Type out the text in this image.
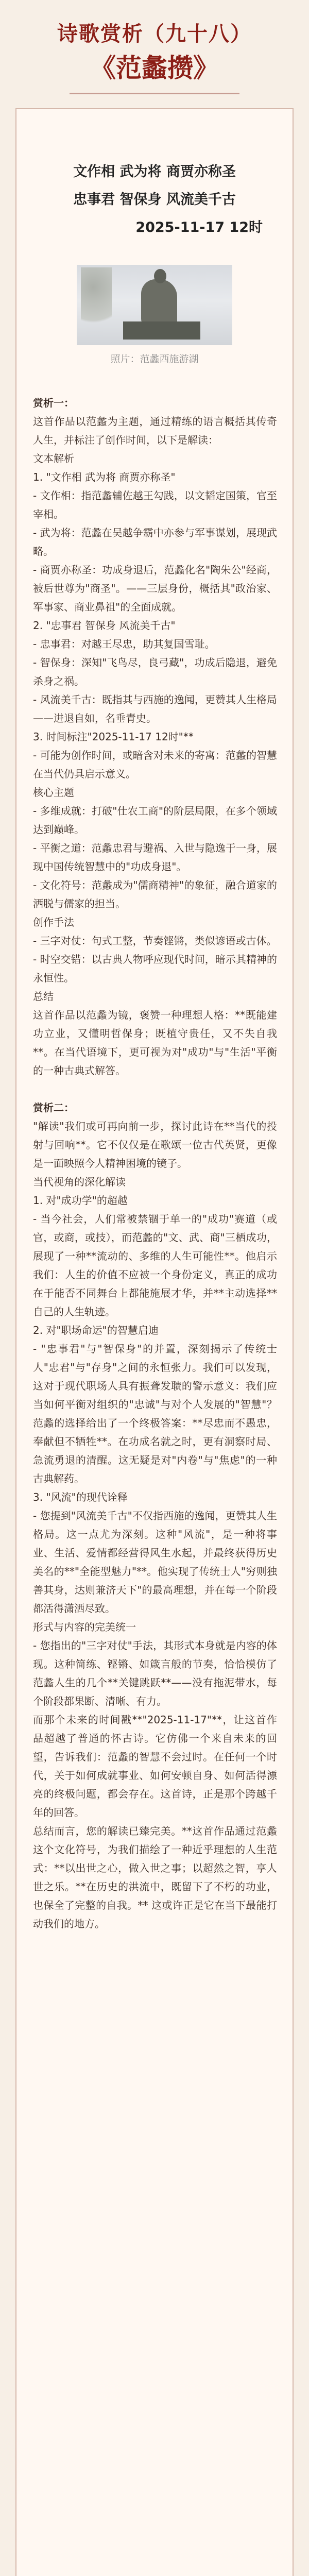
诗歌赏析（九十八）
《范蠡攒》
文作相 武为将 商贾亦称圣
忠事君 智保身 风流美千古
2025-11-17 12时
照片：范蠡西施游湖

赏析一：

这首作品以范蠡为主题，通过精练的语言概括其传奇人生，并标注了创作时间，以下是解读：

文本解析

1. "文作相 武为将 商贾亦称圣"

- 文作相：指范蠡辅佐越王勾践，以文韬定国策，官至宰相。

- 武为将：范蠡在吴越争霸中亦参与军事谋划，展现武略。

- 商贾亦称圣：功成身退后，范蠡化名"陶朱公"经商，被后世尊为"商圣"。——三层身份，概括其"政治家、军事家、商业鼻祖"的全面成就。

2. "忠事君 智保身 风流美千古"

- 忠事君：对越王尽忠，助其复国雪耻。

- 智保身：深知"飞鸟尽，良弓藏"，功成后隐退，避免杀身之祸。

- 风流美千古：既指其与西施的逸闻，更赞其人生格局——进退自如，名垂青史。

3. 时间标注"2025-11-17 12时"**

- 可能为创作时间，或暗含对未来的寄寓：范蠡的智慧在当代仍具启示意义。

核心主题

- 多维成就：打破"仕农工商"的阶层局限，在多个领域达到巅峰。

- 平衡之道：范蠡忠君与避祸、入世与隐逸于一身，展现中国传统智慧中的"功成身退"。

- 文化符号：范蠡成为"儒商精神"的象征，融合道家的洒脱与儒家的担当。

创作手法

- 三字对仗：句式工整，节奏铿锵，类似谚语或古体。

- 时空交错：以古典人物呼应现代时间，暗示其精神的永恒性。

总结

这首作品以范蠡为镜，褒赞一种理想人格：**既能建功立业，又懂明哲保身；既植守贵任，又不失自我**。在当代语境下，更可视为对"成功"与"生活"平衡的一种古典式解答。

赏析二：

"解读"我们或可再向前一步，探讨此诗在**当代的投射与回响**。它不仅仅是在歌颂一位古代英贤，更像是一面映照今人精神困境的镜子。

当代视角的深化解读

1. 对"成功学"的超越

- 当今社会，人们常被禁锢于单一的"成功"赛道（或官，或商，或技），而范蠡的"文、武、商"三栖成功，展现了一种**流动的、多维的人生可能性**。他启示我们：人生的价值不应被一个身份定义，真正的成功在于能否不同舞台上都能施展才华，并**主动选择**自己的人生轨迹。

2. 对"职场命运"的智慧启迪

- "忠事君"与"智保身"的并置，深刻揭示了传统士人"忠君"与"存身"之间的永恒张力。我们可以发现，这对于现代职场人具有振聋发聩的警示意义：我们应当如何平衡对组织的"忠诚"与对个人发展的"智慧"？范蠡的选择给出了一个终极答案：**尽忠而不愚忠，奉献但不牺牲**。在功成名就之时，更有洞察时局、急流勇退的清醒。这无疑是对"内卷"与"焦虑"的一种古典解药。

3. "风流"的现代诠释

- 您提到"风流美千古"不仅指西施的逸闻，更赞其人生格局。这一点尤为深刻。这种"风流"，是一种将事业、生活、爱情都经营得风生水起，并最终获得历史美名的**"全能型魅力"**。他实现了传统士人"穷则独善其身，达则兼济天下"的最高理想，并在每一个阶段都活得潇洒尽致。

形式与内容的完美统一

- 您指出的"三字对仗"手法，其形式本身就是内容的体现。这种简练、铿锵、如箴言般的节奏，恰恰模仿了范蠡人生的几个**关键跳跃**——没有拖泥带水，每个阶段都果断、清晰、有力。

而那个未来的时间戳**"2025-11-17"**，让这首作品超越了普通的怀古诗。它仿佛一个来自未来的回望，告诉我们：范蠡的智慧不会过时。在任何一个时代，关于如何成就事业、如何安顿自身、如何活得漂亮的终极问题，都会存在。这首诗，正是那个跨越千年的回答。

总结而言，您的解读已臻完美。**这首作品通过范蠡这个文化符号，为我们描绘了一种近乎理想的人生范式：**以出世之心，做入世之事；以超然之智，享人世之乐。**在历史的洪流中，既留下了不朽的功业，也保全了完整的自我。** 这或许正是它在当下最能打动我们的地方。
